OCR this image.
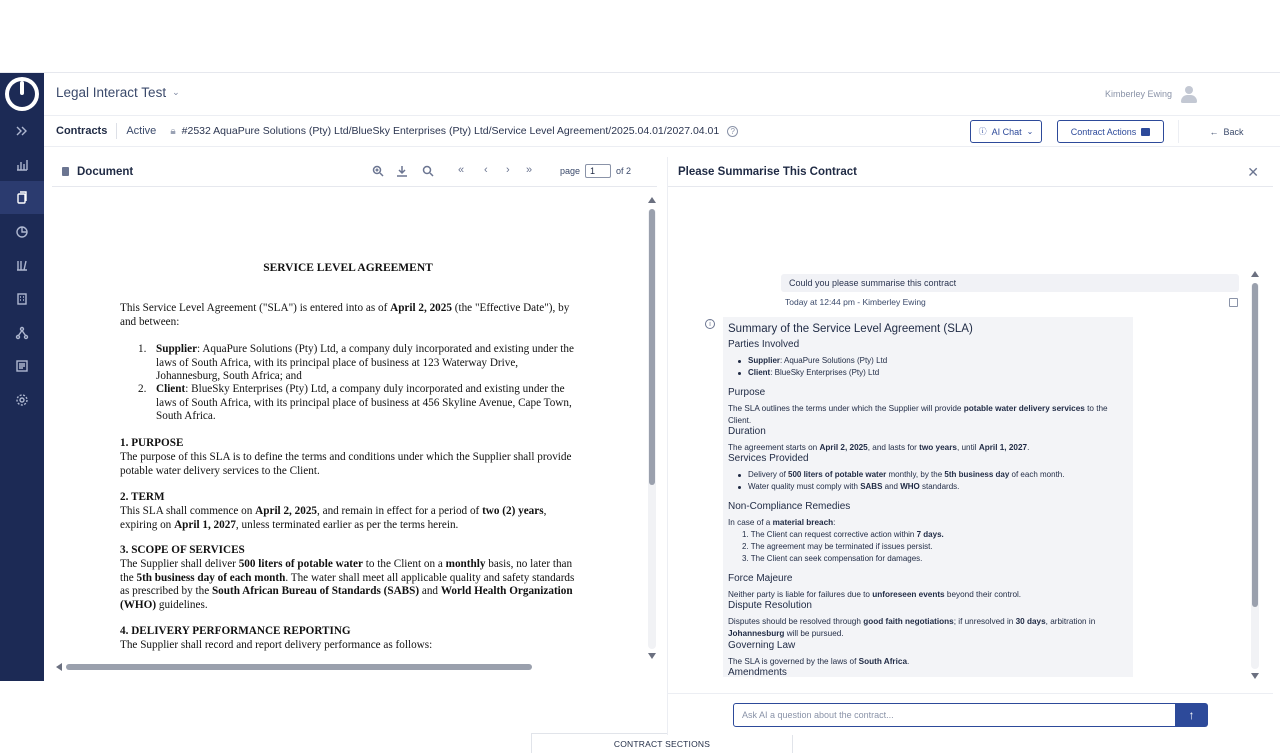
Legal Interact Test ⌄	Kimberley Ewing
Contracts Active 🔒︎ #2532 AquaPure Solutions (Pty) Ltd/BlueSky Enterprises (Pty) Ltd/Service Level Agreement/2025.04.01/2027.04.01	?	ⓘ AI Chat ⌄	Contract Actions	← Back
Document	« ‹ › »	page
1	of 2
SERVICE LEVEL AGREEMENT
This Service Level Agreement ("SLA") is entered into as of April 2, 2025 (the "Effective Date"), by and between:
1. Supplier: AquaPure Solutions (Pty) Ltd, a company duly incorporated and existing under the laws of South Africa, with its principal place of business at 123 Waterway Drive, Johannesburg, South Africa; and
2. Client: BlueSky Enterprises (Pty) Ltd, a company duly incorporated and existing under the laws of South Africa, with its principal place of business at 456 Skyline Avenue, Cape Town, South Africa.
1. PURPOSE
The purpose of this SLA is to define the terms and conditions under which the Supplier shall provide potable water delivery services to the Client.
2. TERM
This SLA shall commence on April 2, 2025, and remain in effect for a period of two (2) years, expiring on April 1, 2027, unless terminated earlier as per the terms herein.
3. SCOPE OF SERVICES
The Supplier shall deliver 500 liters of potable water to the Client on a monthly basis, no later than the 5th business day of each month. The water shall meet all applicable quality and safety standards as prescribed by the South African Bureau of Standards (SABS) and World Health Organization (WHO) guidelines.
4. DELIVERY PERFORMANCE REPORTING
The Supplier shall record and report delivery performance as follows:
CONTRACT SECTIONS
Please Summarise This Contract	✕
Could you please summarise this contract
Today at 12:44 pm - Kimberley Ewing
i	Summary of the Service Level Agreement (SLA)
Parties Involved
Supplier: AquaPure Solutions (Pty) Ltd
Client: BlueSky Enterprises (Pty) Ltd
Purpose
The SLA outlines the terms under which the Supplier will provide potable water delivery services to the Client.
Duration
The agreement starts on April 2, 2025, and lasts for two years, until April 1, 2027.
Services Provided
Delivery of 500 liters of potable water monthly, by the 5th business day of each month.
Water quality must comply with SABS and WHO standards.
Non-Compliance Remedies
In case of a material breach:
1. The Client can request corrective action within 7 days.
2. The agreement may be terminated if issues persist.
3. The Client can seek compensation for damages.
Force Majeure
Neither party is liable for failures due to unforeseen events beyond their control.
Dispute Resolution
Disputes should be resolved through good faith negotiations; if unresolved in 30 days, arbitration in Johannesburg will be pursued.
Governing Law
The SLA is governed by the laws of South Africa.
Amendments
Ask AI a question about the contract...	↑
